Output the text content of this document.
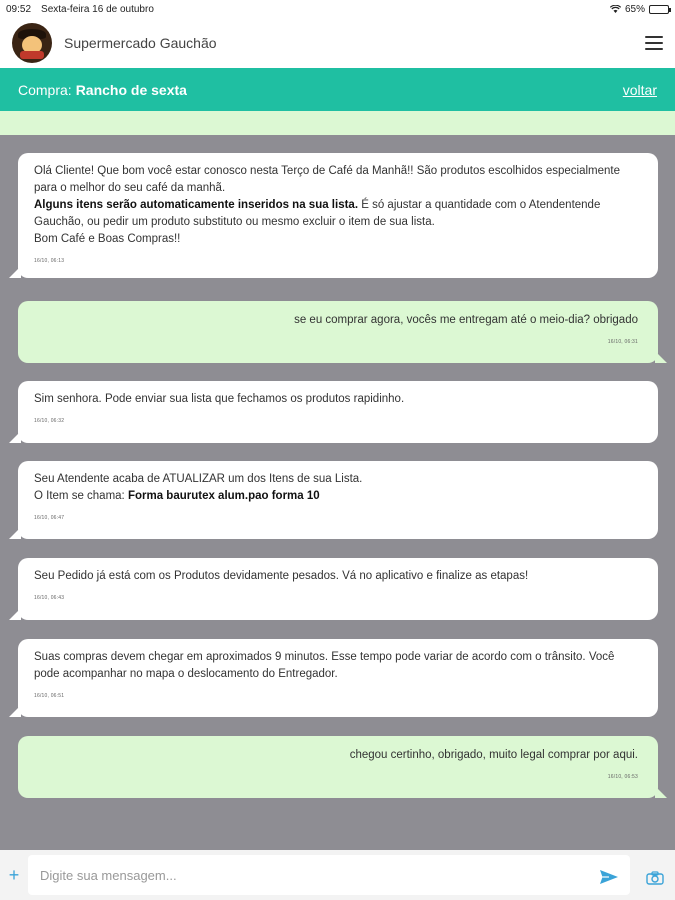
09:52 Sexta-feira 16 de outubro	65%
Supermercado Gauchão
Compra: Rancho de sexta	voltar
Olá Cliente! Que bom você estar conosco nesta Terço de Café da Manhã!! São produtos escolhidos especialmente para o melhor do seu café da manhã.
Alguns itens serão automaticamente inseridos na sua lista. É só ajustar a quantidade com o Atendentende Gauchão, ou pedir um produto substituto ou mesmo excluir o item de sua lista.
Bom Café e Boas Compras!!
16/10, 06:13
se eu comprar agora, vocês me entregam até o meio-dia? obrigado
16/10, 06:31
Sim senhora. Pode enviar sua lista que fechamos os produtos rapidinho.
16/10, 06:32
Seu Atendente acaba de ATUALIZAR um dos Itens de sua Lista.
O Item se chama: Forma baurutex alum.pao forma 10
16/10, 06:47
Seu Pedido já está com os Produtos devidamente pesados. Vá no aplicativo e finalize as etapas!
16/10, 06:43
Suas compras devem chegar em aproximados 9 minutos. Esse tempo pode variar de acordo com o trânsito. Você pode acompanhar no mapa o deslocamento do Entregador.
16/10, 06:51
chegou certinho, obrigado, muito legal comprar por aqui.
16/10, 06:53
+
Digite sua mensagem...
